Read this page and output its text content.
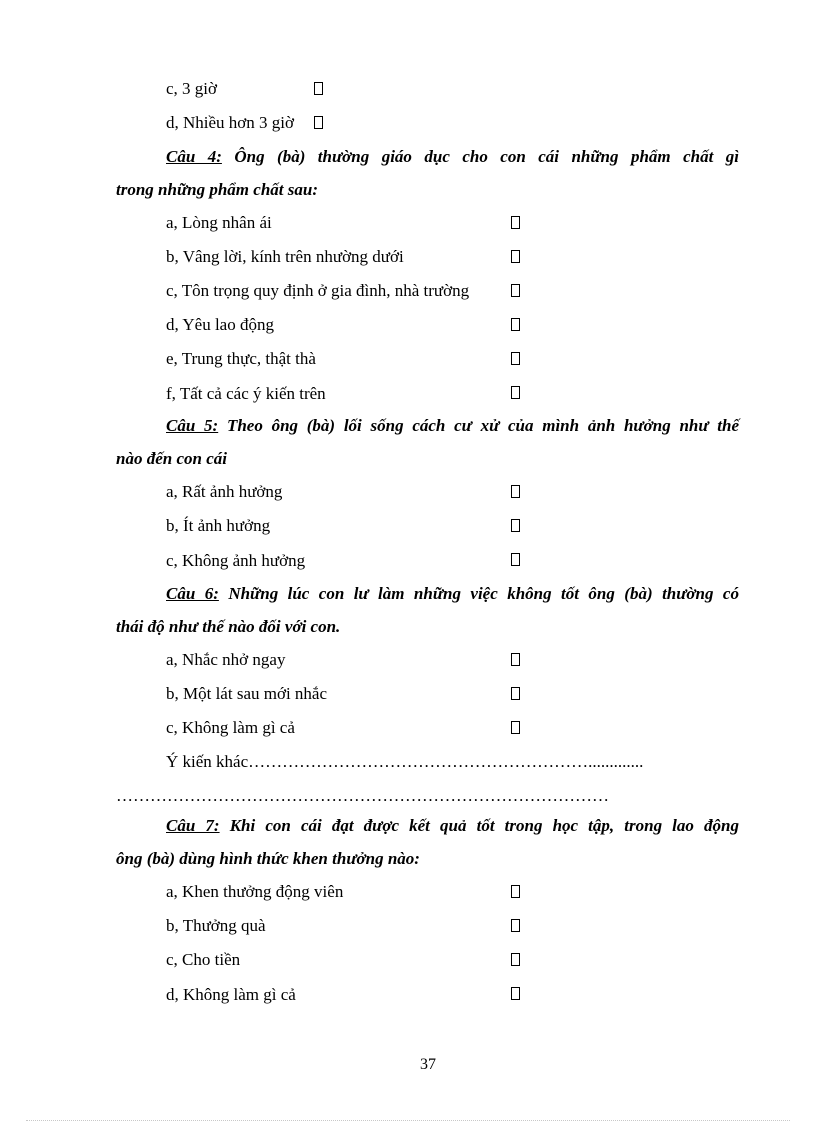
c, 3 giờ
d, Nhiều hơn 3 giờ
Câu 4: Ông (bà) thường giáo dục cho con cái những phẩm chất gì
trong những phẩm chất sau:
a, Lòng nhân ái
b, Vâng lời, kính trên nhường dưới
c, Tôn trọng quy định ở gia đình, nhà trường
d, Yêu lao động
e, Trung thực, thật thà
f, Tất cả các ý kiến trên
Câu 5: Theo ông (bà) lối sống cách cư xử của mình ảnh hưởng như thế
nào đến con cái
a, Rất ảnh hưởng
b, Ít ảnh hưởng
c, Không ảnh hưởng
Câu 6: Những lúc con lư làm những việc không tốt ông (bà) thường có
thái độ như thế nào đối với con.
a, Nhắc nhở ngay
b, Một lát sau mới nhắc
c, Không làm gì cả
Ý kiến khác…………………………………………………….............
……………………………………………………………………………
Câu 7: Khi con cái đạt được kết quả tốt trong học tập, trong lao động
ông (bà) dùng hình thức khen thưởng nào:
a, Khen thưởng động viên
b, Thưởng quà
c, Cho tiền
d, Không làm gì cả
37
